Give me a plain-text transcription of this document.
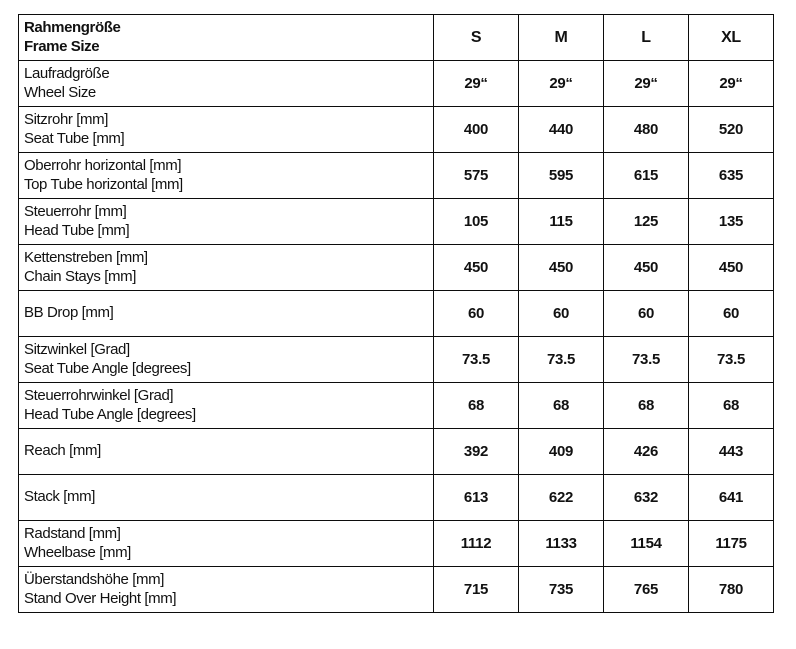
Rahmengröße
Frame Size	S	M	L	XL

Laufradgröße
Wheel Size	29“	29“	29“	29“

Sitzrohr [mm]
Seat Tube [mm]	400	440	480	520

Oberrohr horizontal [mm]
Top Tube horizontal [mm]	575	595	615	635

Steuerrohr [mm]
Head Tube [mm]	105	115	125	135

Kettenstreben [mm]
Chain Stays [mm]	450	450	450	450

BB Drop [mm]	60	60	60	60

Sitzwinkel [Grad]
Seat Tube Angle [degrees]	73.5	73.5	73.5	73.5

Steuerrohrwinkel [Grad]
Head Tube Angle [degrees]	68	68	68	68

Reach [mm]	392	409	426	443

Stack [mm]	613	622	632	641

Radstand [mm]
Wheelbase [mm]	1112	1133	1154	1175

Überstandshöhe [mm]
Stand Over Height [mm]	715	735	765	780
